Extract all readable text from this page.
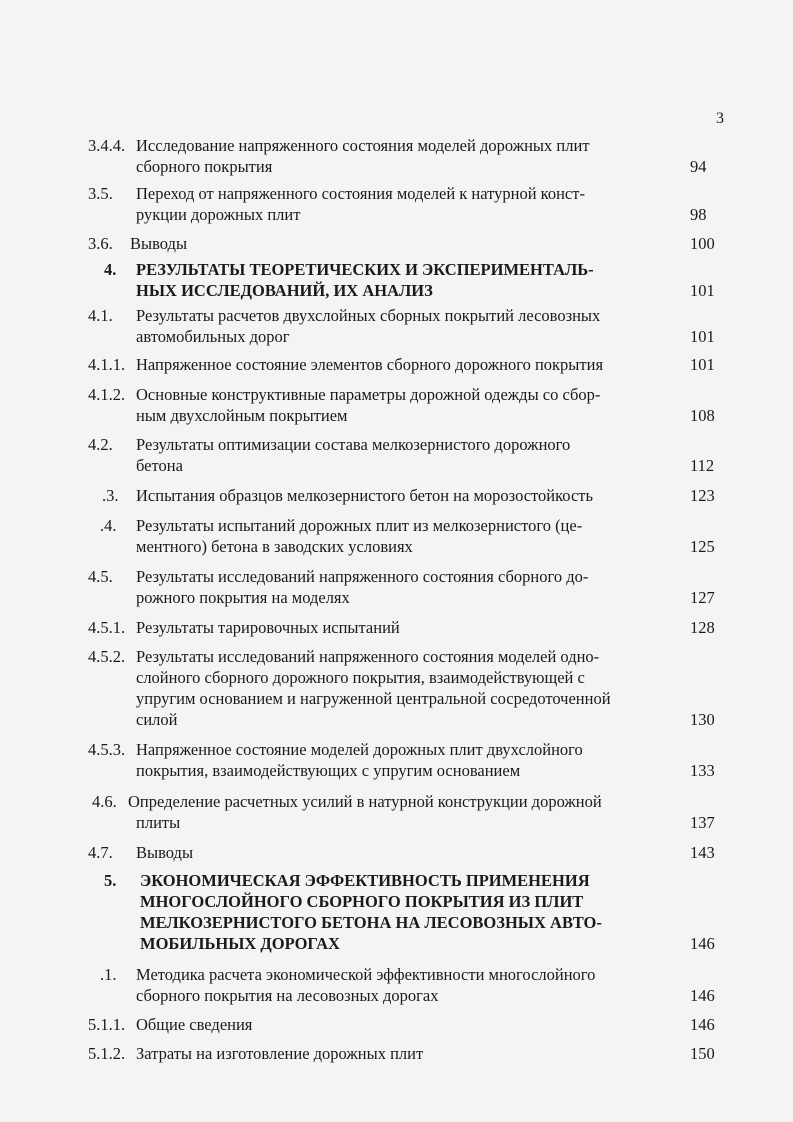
3
3.4.4. Исследование напряженного состояния моделей дорожных плит
сборного покрытия	94
3.5. Переход от напряженного состояния моделей к натурной конст-
рукции дорожных плит	98
3.6. Выводы	100
4. РЕЗУЛЬТАТЫ ТЕОРЕТИЧЕСКИХ И ЭКСПЕРИМЕНТАЛЬ-
НЫХ ИССЛЕДОВАНИЙ, ИХ АНАЛИЗ	101
4.1. Результаты расчетов двухслойных сборных покрытий лесовозных
автомобильных дорог	101
4.1.1. Напряженное состояние элементов сборного дорожного покрытия	101
4.1.2. Основные конструктивные параметры дорожной одежды со сбор-
ным двухслойным покрытием	108
4.2. Результаты оптимизации состава мелкозернистого дорожного
бетона	112
.3. Испытания образцов мелкозернистого бетон на морозостойкость	123
.4. Результаты испытаний дорожных плит из мелкозернистого (це-
ментного) бетона в заводских условиях	125
4.5. Результаты исследований напряженного состояния сборного до-
рожного покрытия на моделях	127
4.5.1. Результаты тарировочных испытаний	128
4.5.2. Результаты исследований напряженного состояния моделей одно-
слойного сборного дорожного покрытия, взаимодействующей с
упругим основанием и нагруженной центральной сосредоточенной
силой	130
4.5.3. Напряженное состояние моделей дорожных плит двухслойного
покрытия, взаимодействующих с упругим основанием	133
4.6. Определение расчетных усилий в натурной конструкции дорожной
плиты	137
4.7. Выводы	143
5. ЭКОНОМИЧЕСКАЯ ЭФФЕКТИВНОСТЬ ПРИМЕНЕНИЯ
МНОГОСЛОЙНОГО СБОРНОГО ПОКРЫТИЯ ИЗ ПЛИТ
МЕЛКОЗЕРНИСТОГО БЕТОНА НА ЛЕСОВОЗНЫХ АВТО-
МОБИЛЬНЫХ ДОРОГАХ	146
.1. Методика расчета экономической эффективности многослойного
сборного покрытия на лесовозных дорогах	146
5.1.1. Общие сведения	146
5.1.2. Затраты на изготовление дорожных плит	150
